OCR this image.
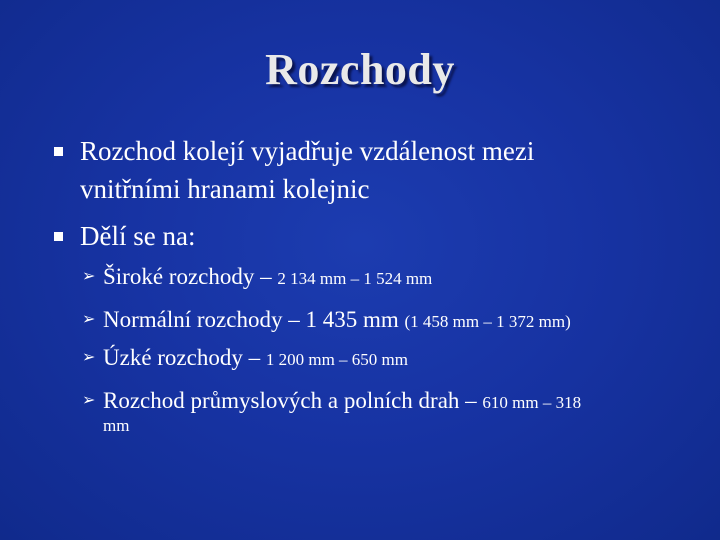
Rozchody
Rozchod kolejí vyjadřuje vzdálenost mezi
vnitřními hranami kolejnic
Dělí se na:
➢ Široké rozchody – 2 134 mm – 1 524 mm
➢ Normální rozchody – 1 435 mm (1 458 mm – 1 372 mm)
➢ Úzké rozchody – 1 200 mm – 650 mm
➢ Rozchod průmyslových a polních drah – 610 mm – 318
mm
